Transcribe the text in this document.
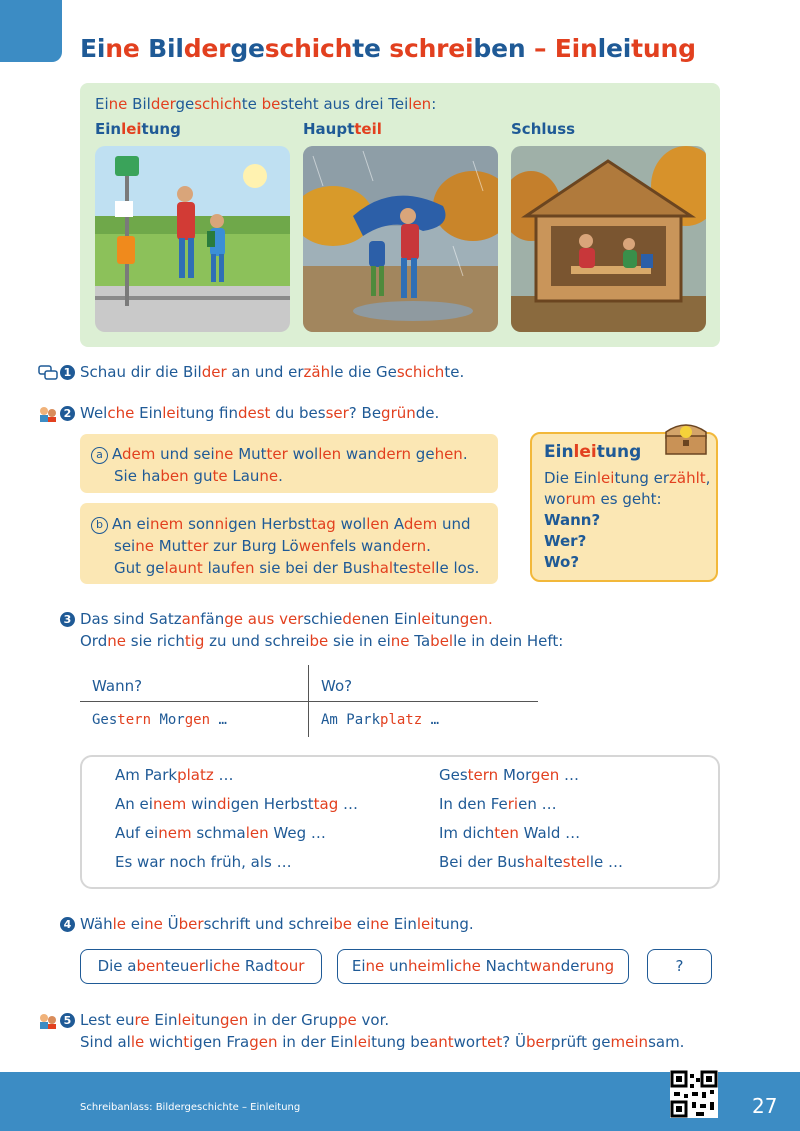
Eine Bildergeschichte schreiben – Einleitung
Eine Bildergeschichte besteht aus drei Teilen:
Einleitung	Hauptteil	Schluss
1 Schau dir die Bilder an und erzähle die Geschichte.
2 Welche Einleitung findest du besser? Begründe.
a Adem und seine Mutter wollen wandern gehen.
Sie haben gute Laune.
b An einem sonnigen Herbsttag wollen Adem und
seine Mutter zur Burg Löwenfels wandern.
Gut gelaunt laufen sie bei der Bushaltestelle los.
Einleitung
Die Einleitung erzählt,
worum es geht:
Wann?
Wer?
Wo?
3 Das sind Satzanfänge aus verschiedenen Einleitungen.
Ordne sie richtig zu und schreibe sie in eine Tabelle in dein Heft:
Wann?	Wo?
Gestern Morgen …	Am Parkplatz …
Am Parkplatz …
An einem windigen Herbsttag …
Auf einem schmalen Weg …
Es war noch früh, als …
Gestern Morgen …
In den Ferien …
Im dichten Wald …
Bei der Bushaltestelle …
4 Wähle eine Überschrift und schreibe eine Einleitung.
Die abenteuerliche Radtour	Eine unheimliche Nachtwanderung	?
5 Lest eure Einleitungen in der Gruppe vor.
Sind alle wichtigen Fragen in der Einleitung beantwortet? Überprüft gemeinsam.
Schreibanlass: Bildergeschichte – Einleitung	27
